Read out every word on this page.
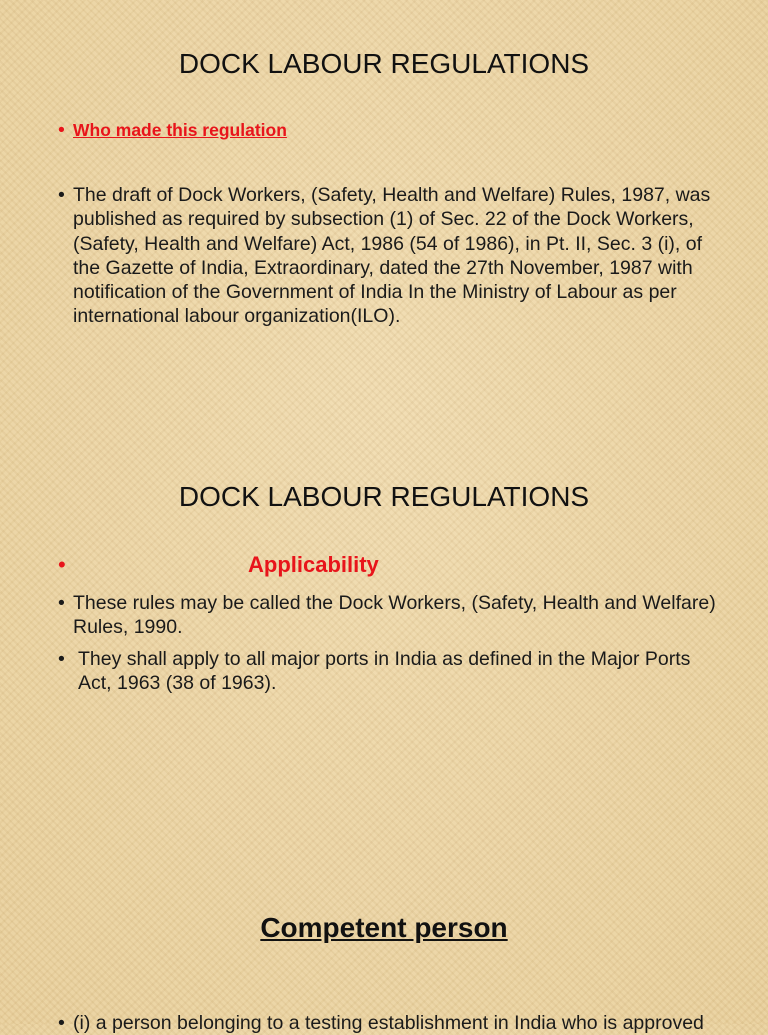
DOCK LABOUR REGULATIONS
• Who made this regulation
• The draft of Dock Workers, (Safety, Health and Welfare) Rules, 1987, was published as required by subsection (1) of Sec. 22 of the Dock Workers, (Safety, Health and Welfare) Act, 1986 (54 of 1986), in Pt. II, Sec. 3 (i), of the Gazette of India, Extraordinary, dated the 27th November, 1987 with notification of the Government of India In the Ministry of Labour as per international labour organization(ILO).
DOCK LABOUR REGULATIONS
•	Applicability
• These rules may be called the Dock Workers, (Safety, Health and Welfare) Rules, 1990.
• They shall apply to all major ports in India as defined in the Major Ports Act, 1963 (38 of 1963).
Competent person
• (i) a person belonging to a testing establishment in India who is approved
